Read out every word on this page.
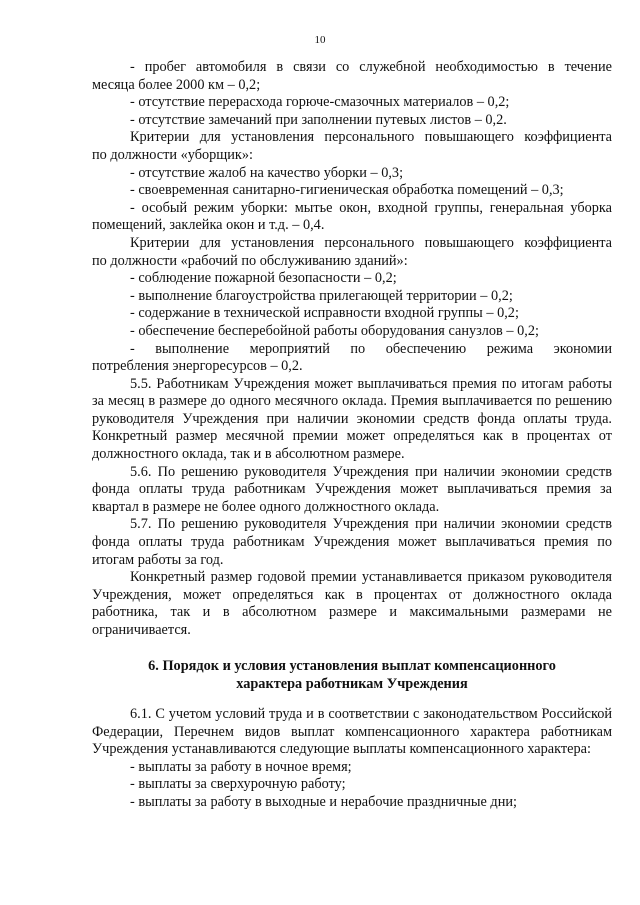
10

- пробег автомобиля в связи со служебной необходимостью в течение

месяца более 2000 км – 0,2;

- отсутствие перерасхода горюче-смазочных материалов – 0,2;

- отсутствие замечаний при заполнении путевых листов – 0,2.

Критерии для установления персонального повышающего коэффициента

по должности «уборщик»:

- отсутствие жалоб на качество уборки – 0,3;

- своевременная санитарно-гигиеническая обработка помещений – 0,3;

- особый режим уборки: мытье окон, входной группы, генеральная уборка

помещений, заклейка окон и т.д. – 0,4.

Критерии для установления персонального повышающего коэффициента

по должности «рабочий по обслуживанию зданий»:

- соблюдение пожарной безопасности – 0,2;

- выполнение благоустройства прилегающей территории – 0,2;

- содержание в технической исправности входной группы – 0,2;

- обеспечение бесперебойной работы оборудования санузлов – 0,2;

-     выполнение     мероприятий     по     обеспечению     режима     экономии

потребления энергоресурсов – 0,2.

5.5. Работникам Учреждения может выплачиваться премия по итогам работы за месяц в размере до одного месячного оклада. Премия выплачивается по решению руководителя Учреждения при наличии экономии средств фонда оплаты труда. Конкретный размер месячной премии может определяться как в процентах от должностного оклада, так и в абсолютном размере.

5.6. По решению руководителя Учреждения при наличии экономии средств фонда оплаты труда работникам Учреждения может выплачиваться премия за квартал в размере не более одного должностного оклада.

5.7. По решению руководителя Учреждения при наличии экономии средств фонда оплаты труда работникам Учреждения может выплачиваться премия по итогам работы за год.

Конкретный размер годовой премии устанавливается приказом руководителя Учреждения, может определяться как в процентах от должностного оклада работника, так и в абсолютном размере и максимальными размерами не ограничивается.

6. Порядок и условия установления выплат компенсационного
характера работникам Учреждения

6.1. С учетом условий труда и в соответствии с законодательством Российской Федерации, Перечнем видов выплат компенсационного характера работникам Учреждения устанавливаются следующие выплаты компенсационного характера:

- выплаты за работу в ночное время;

- выплаты за сверхурочную работу;

- выплаты за работу в выходные и нерабочие праздничные дни;
